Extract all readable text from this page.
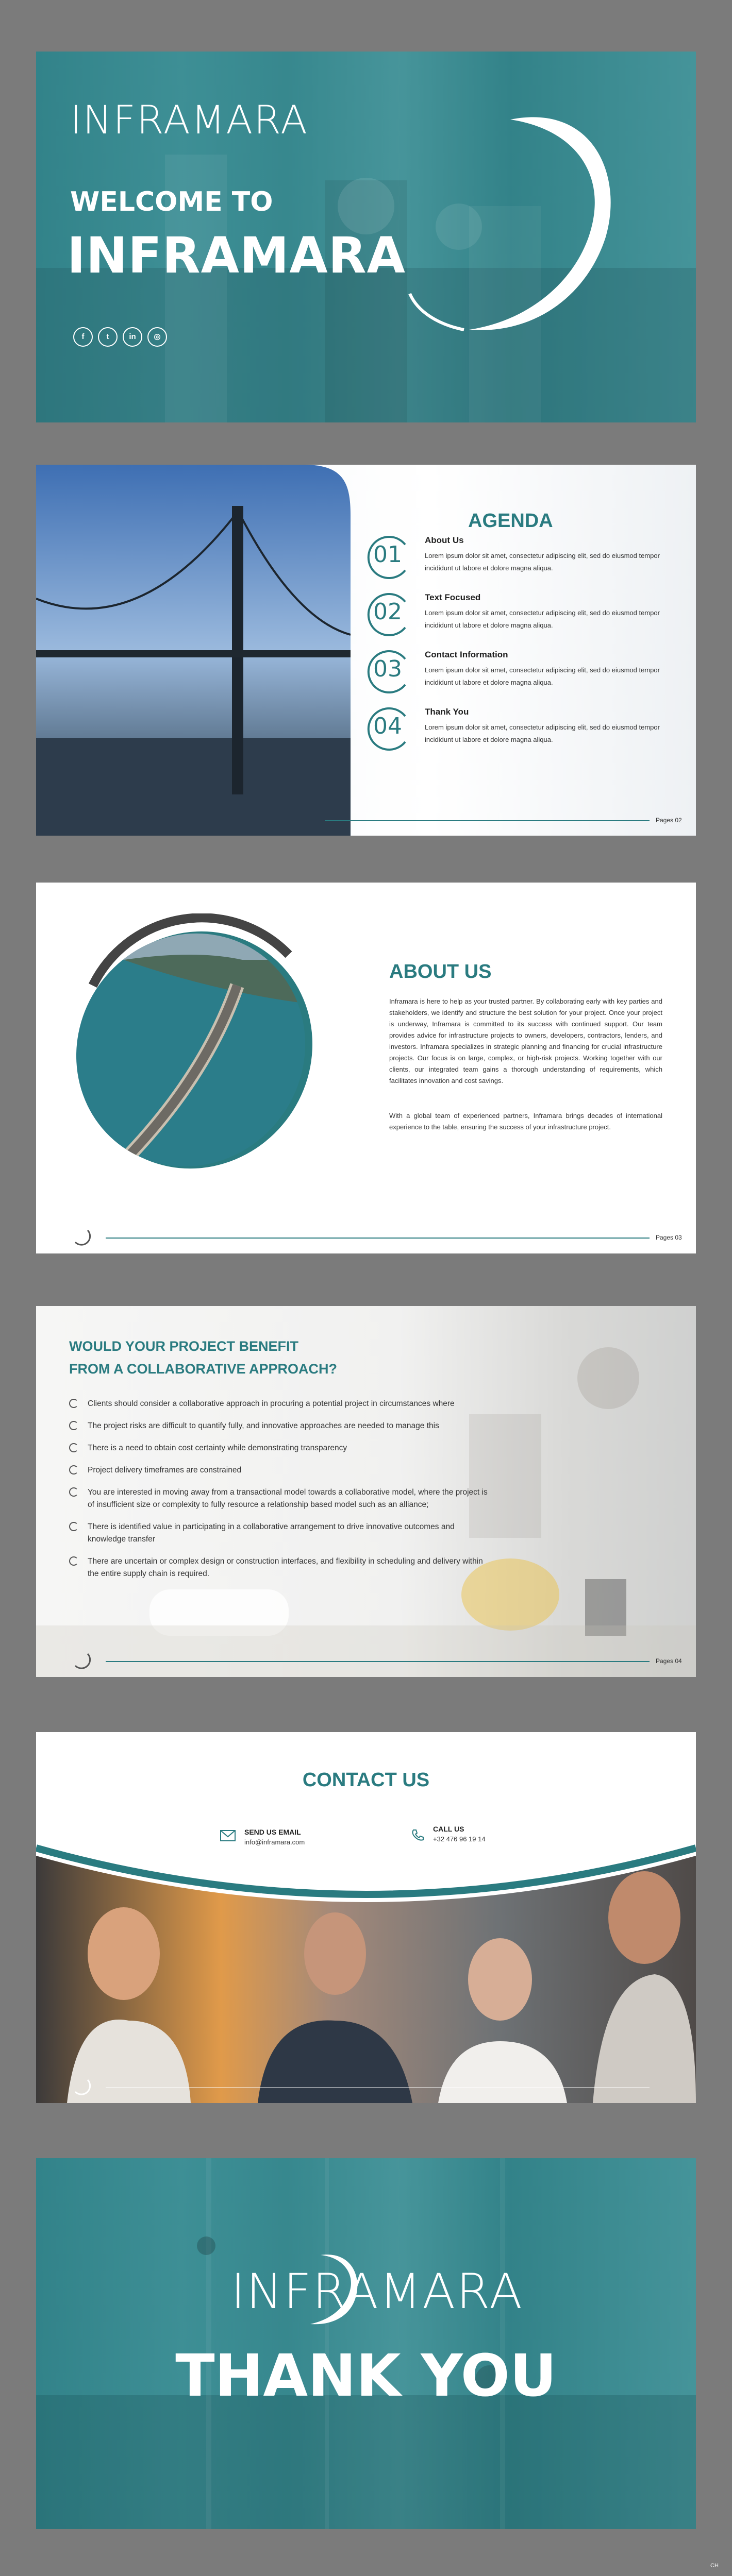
INFRAMARA
WELCOME TO
INFRAMARA
f	t	in	◎
AGENDA
01
About Us
Lorem ipsum dolor sit amet, consectetur adipiscing elit, sed do eiusmod tempor incididunt ut labore et dolore magna aliqua.
02
Text Focused
Lorem ipsum dolor sit amet, consectetur adipiscing elit, sed do eiusmod tempor incididunt ut labore et dolore magna aliqua.
03
Contact Information
Lorem ipsum dolor sit amet, consectetur adipiscing elit, sed do eiusmod tempor incididunt ut labore et dolore magna aliqua.
04
Thank You
Lorem ipsum dolor sit amet, consectetur adipiscing elit, sed do eiusmod tempor incididunt ut labore et dolore magna aliqua.
Pages 02
ABOUT US
Inframara is here to help as your trusted partner. By collaborating early with key parties and stakeholders, we identify and structure the best solution for your project. Once your project is underway, Inframara is committed to its success with continued support. Our team provides advice for infrastructure projects to owners, developers, contractors, lenders, and investors. Inframara specializes in strategic planning and financing for crucial infrastructure projects. Our focus is on large, complex, or high-risk projects. Working together with our clients, our integrated team gains a thorough understanding of requirements, which facilitates innovation and cost savings.
With a global team of experienced partners, Inframara brings decades of international experience to the table, ensuring the success of your infrastructure project.
Pages 03
WOULD YOUR PROJECT BENEFIT
FROM A COLLABORATIVE APPROACH?
Clients should consider a collaborative approach in procuring a potential project in circumstances where
The project risks are difficult to quantify fully, and innovative approaches are needed to manage this
There is a need to obtain cost certainty while demonstrating transparency
Project delivery timeframes are constrained
You are interested in moving away from a transactional model towards a collaborative model, where the project is of insufficient size or complexity to fully resource a relationship based model such as an alliance;
There is identified value in participating in a collaborative arrangement to drive innovative outcomes and knowledge transfer
There are uncertain or complex design or construction interfaces, and flexibility in scheduling and delivery within the entire supply chain is required.
Pages 04
CONTACT US
SEND US EMAIL
info@inframara.com
CALL US
+32 476 96 19 14
INFRAMARA
THANK YOU
CH
